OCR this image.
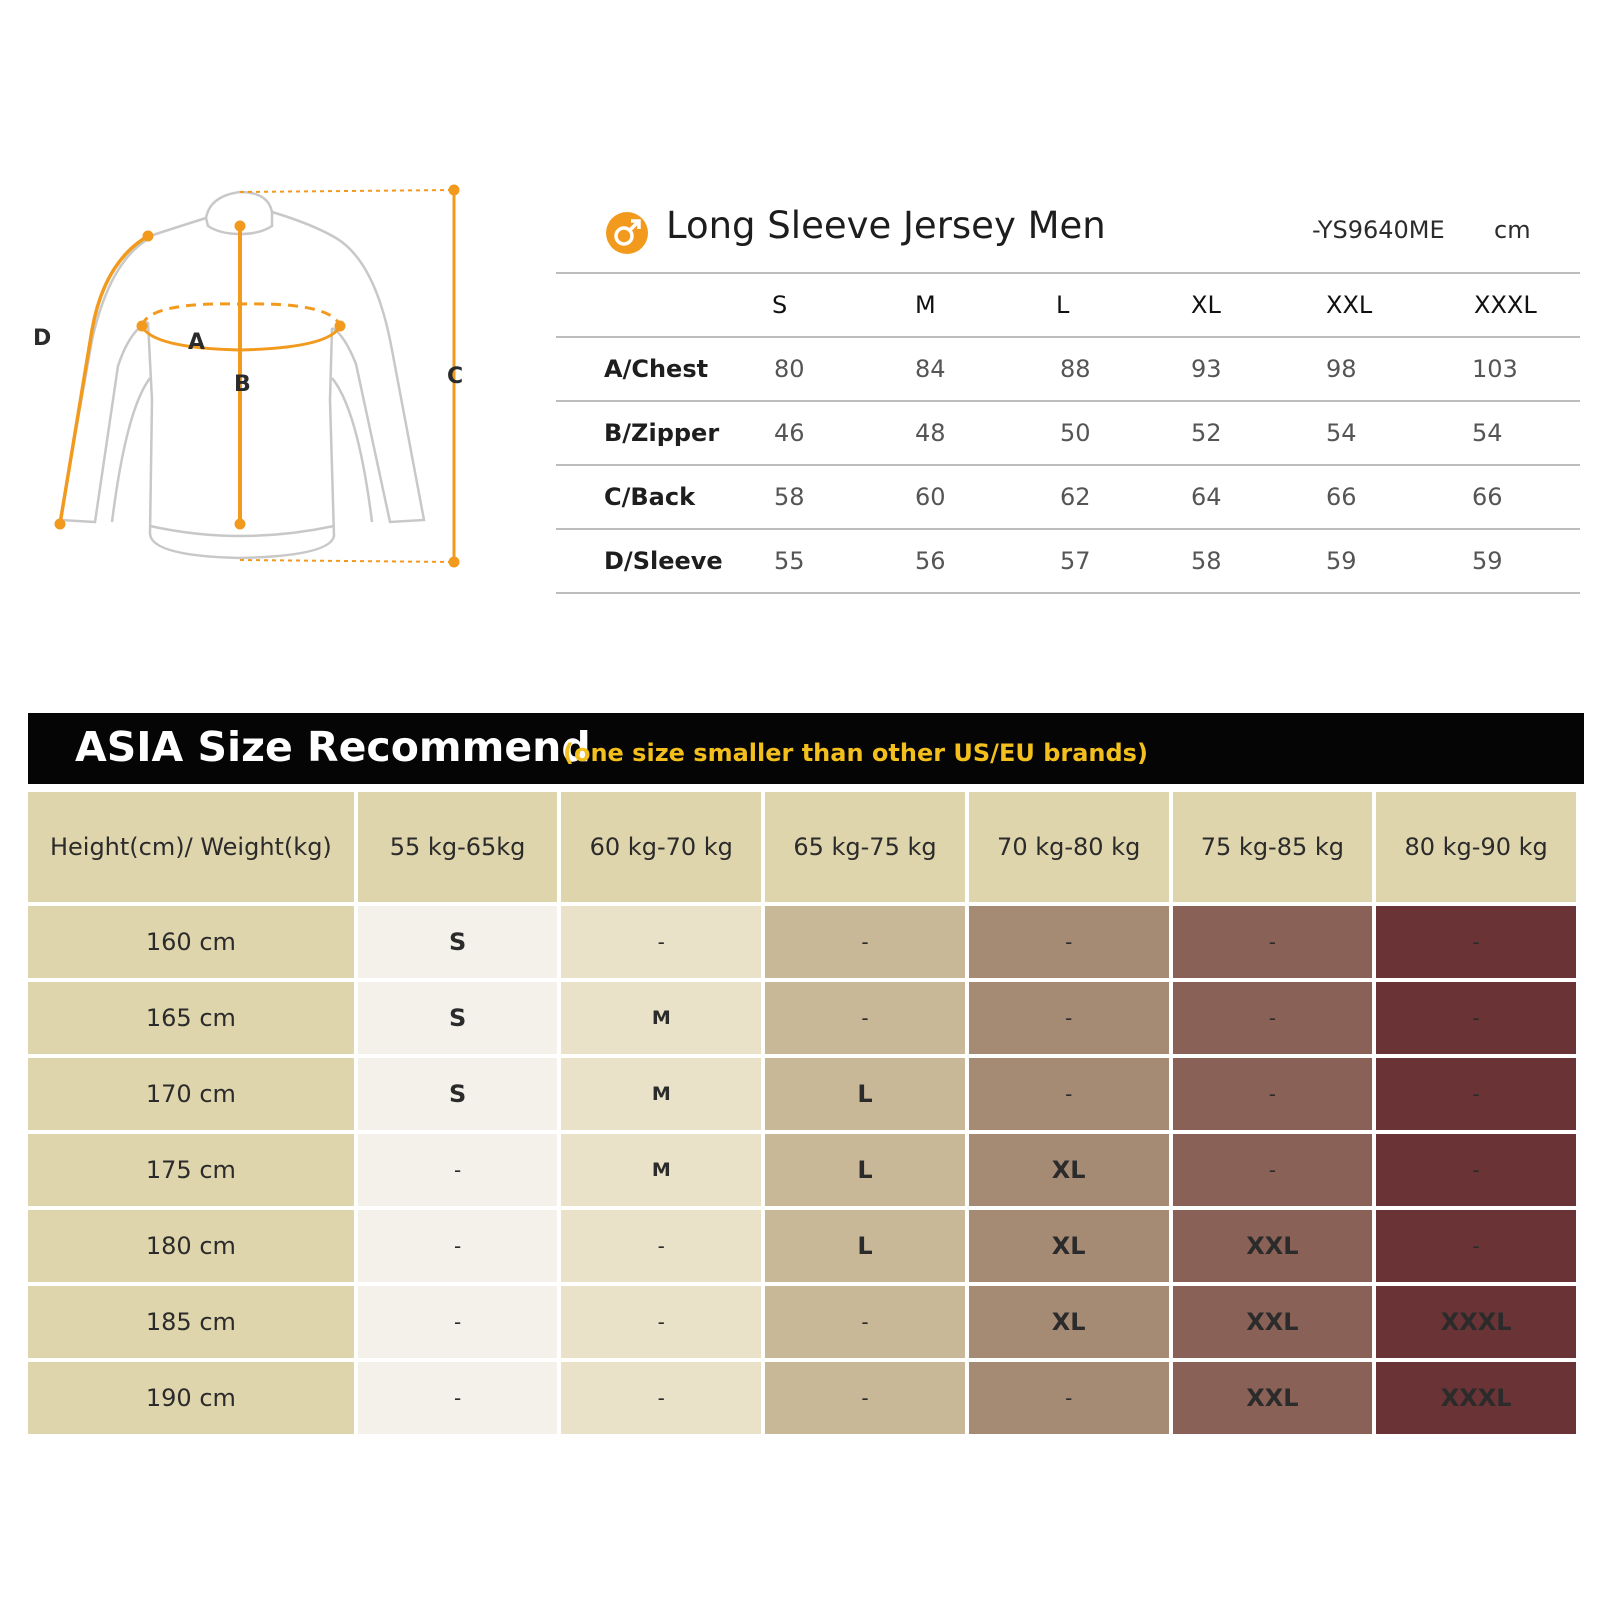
A
B	C
D
Long Sleeve Jersey Men	-YS9640ME cm
	S	M	L	XL	XXL	XXXL
A/Chest	80	84	88	93	98	103
B/Zipper	46	48	50	52	54	54
C/Back	58	60	62	64	66	66
D/Sleeve	55	56	57	58	59	59
ASIA Size Recommend
(one size smaller than other US/EU brands)
Height(cm)/ Weight(kg)	55 kg-65kg	60 kg-70 kg	65 kg-75 kg	70 kg-80 kg	75 kg-85 kg	80 kg-90 kg
160 cm	S	-	-	-	-	-
165 cm	S	M	-	-	-	-
170 cm	S	M	L	-	-	-
175 cm	-	M	L	XL	-	-
180 cm	-	-	L	XL	XXL	-
185 cm	-	-	-	XL	XXL	XXXL
190 cm	-	-	-	-	XXL	XXXL
